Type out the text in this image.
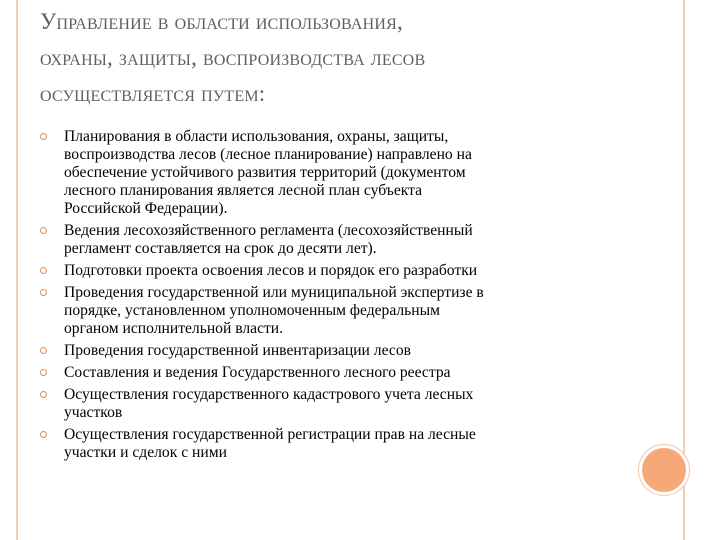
Управление в области использования,
охраны, защиты, воспроизводства лесов
осуществляется путем:
Планирования в области использования, охраны, защиты,
воспроизводства лесов (лесное планирование) направлено на
обеспечение устойчивого развития территорий (документом
лесного планирования является лесной план субъекта
Российской Федерации).
Ведения лесохозяйственного регламента (лесохозяйственный
регламент составляется на срок до десяти лет).
Подготовки проекта освоения лесов и порядок его разработки
Проведения государственной или муниципальной экспертизе в
порядке, установленном уполномоченным федеральным
органом исполнительной власти.
Проведения государственной инвентаризации лесов
Составления и ведения Государственного лесного реестра
Осуществления государственного кадастрового учета лесных
участков
Осуществления государственной регистрации прав на лесные
участки и сделок с ними
